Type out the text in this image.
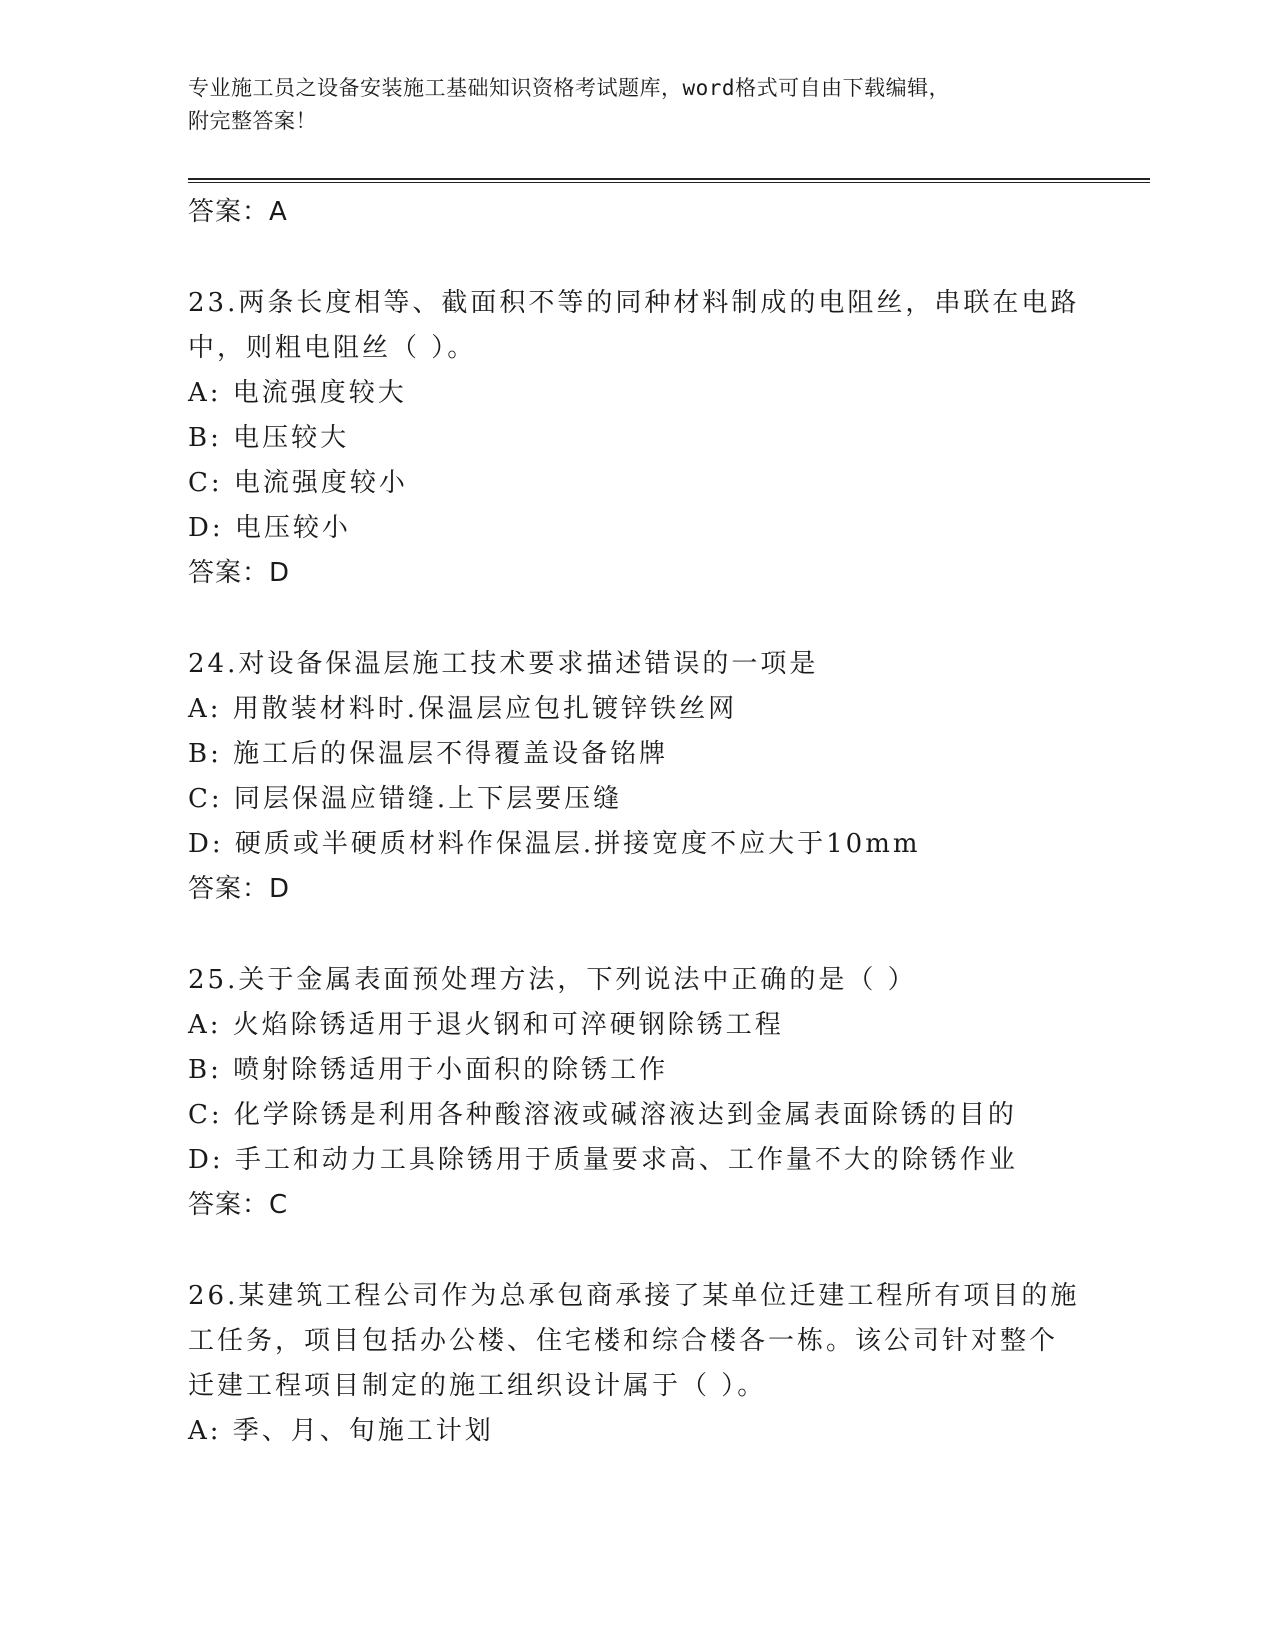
专业施工员之设备安装施工基础知识资格考试题库，word格式可自由下载编辑，
附完整答案！
答案：A
23.两条长度相等、截面积不等的同种材料制成的电阻丝，串联在电路
中，则粗电阻丝（ ）。
A: 电流强度较大
B: 电压较大
C: 电流强度较小
D: 电压较小
答案：D
24.对设备保温层施工技术要求描述错误的一项是
A: 用散装材料时.保温层应包扎镀锌铁丝网
B: 施工后的保温层不得覆盖设备铭牌
C: 同层保温应错缝.上下层要压缝
D: 硬质或半硬质材料作保温层.拼接宽度不应大于10mm
答案：D
25.关于金属表面预处理方法，下列说法中正确的是（ ）
A: 火焰除锈适用于退火钢和可淬硬钢除锈工程
B: 喷射除锈适用于小面积的除锈工作
C: 化学除锈是利用各种酸溶液或碱溶液达到金属表面除锈的目的
D: 手工和动力工具除锈用于质量要求高、工作量不大的除锈作业
答案：C
26.某建筑工程公司作为总承包商承接了某单位迁建工程所有项目的施
工任务，项目包括办公楼、住宅楼和综合楼各一栋。该公司针对整个
迁建工程项目制定的施工组织设计属于（ ）。
A: 季、月、旬施工计划
